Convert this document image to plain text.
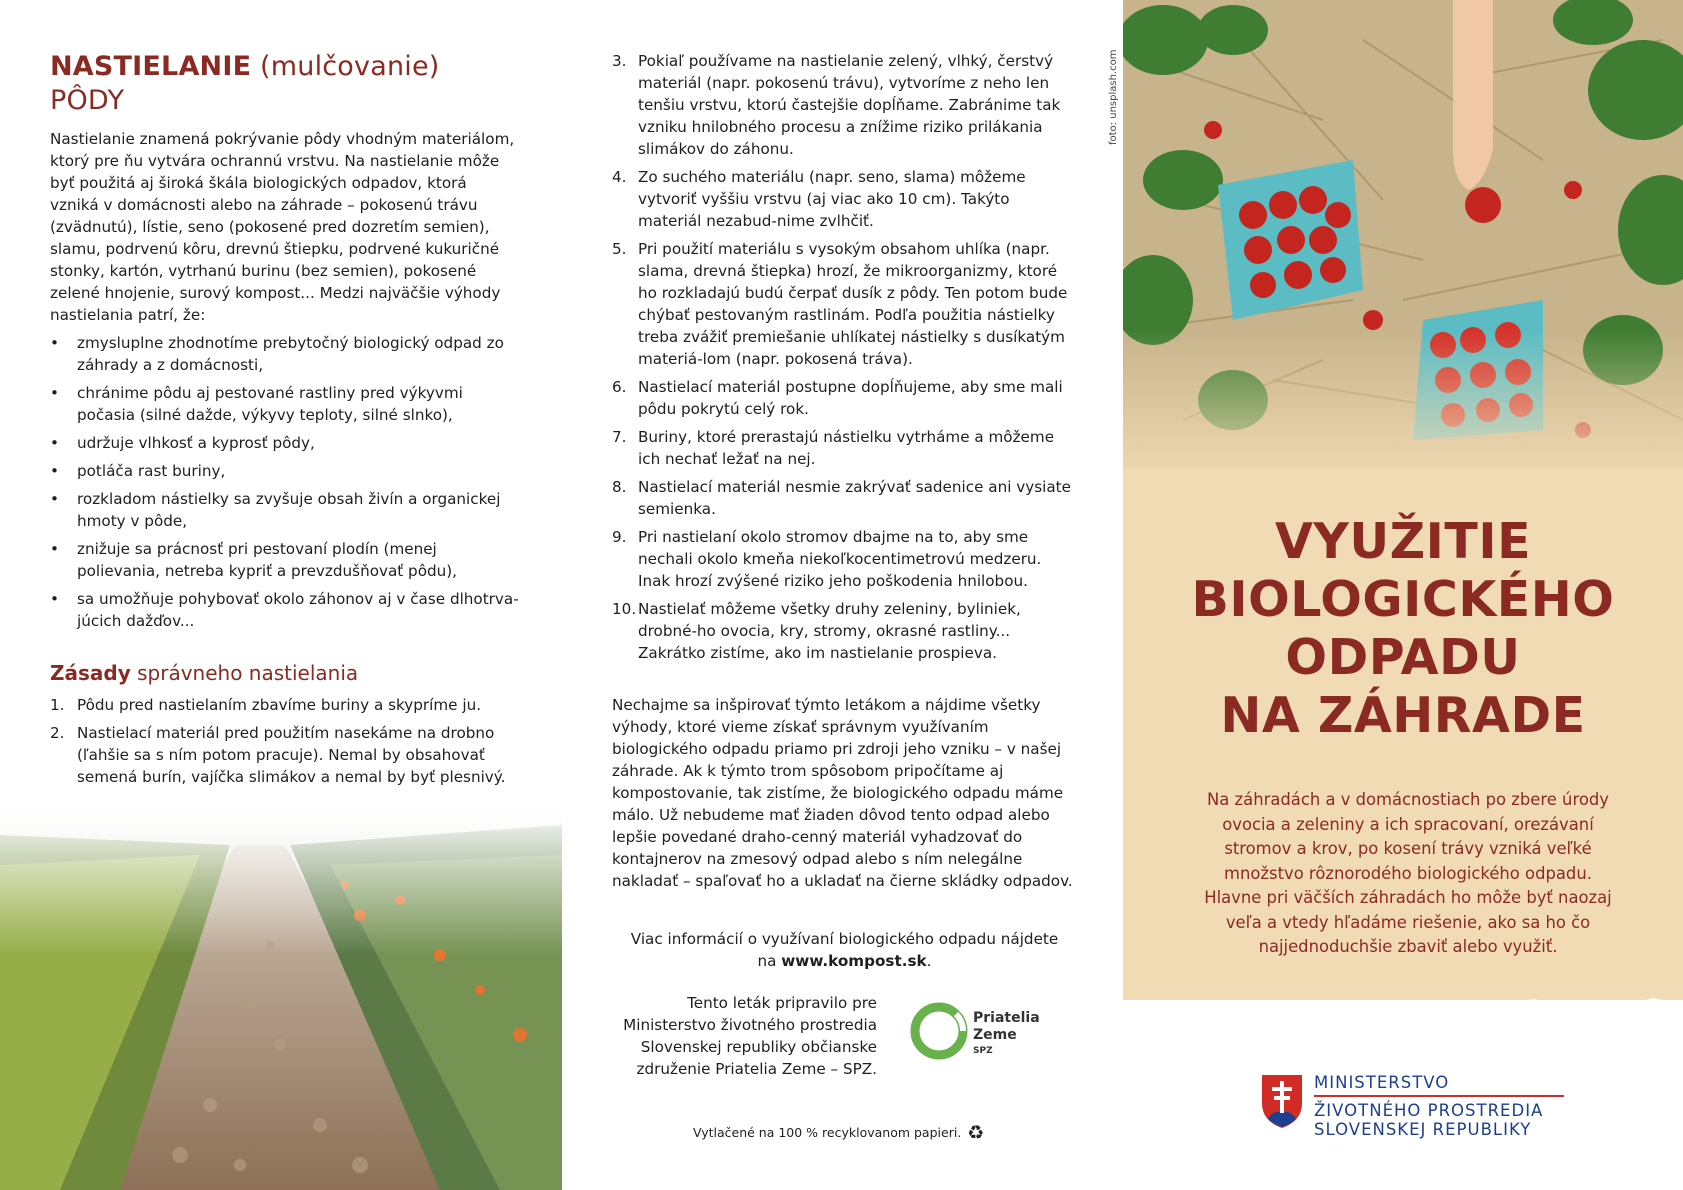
NASTIELANIE (mulčovanie) PÔDY

Nastielanie znamená pokrývanie pôdy vhodným materiálom, ktorý pre ňu vytvára ochrannú vrstvu. Na nastielanie môže byť použitá aj široká škála biologických odpadov, ktorá vzniká v domácnosti alebo na záhrade – pokosenú trávu (zvädnutú), lístie, seno (pokosené pred dozretím semien), slamu, podrvenú kôru, drevnú štiepku, podrvené kukuričné stonky, kartón, vytrhanú burinu (bez semien), pokosené zelené hnojenie, surový kompost... Medzi najväčšie výhody nastielania patrí, že:

• zmysluplne zhodnotíme prebytočný biologický odpad zo záhrady a z domácnosti,
• chránime pôdu aj pestované rastliny pred výkyvmi počasia (silné dažde, výkyvy teploty, silné slnko),
• udržuje vlhkosť a kyprosť pôdy,
• potláča rast buriny,
• rozkladom nástielky sa zvyšuje obsah živín a organickej hmoty v pôde,
• znižuje sa prácnosť pri pestovaní plodín (menej polievania, netreba kypriť a prevzdušňovať pôdu),
• sa umožňuje pohybovať okolo záhonov aj v čase dlhotrva-júcich dažďov...
Zásady správneho nastielania
1. Pôdu pred nastielaním zbavíme buriny a skypríme ju.
2. Nastielací materiál pred použitím nasekáme na drobno (ľahšie sa s ním potom pracuje). Nemal by obsahovať semená burín, vajíčka slimákov a nemal by byť plesnivý.
3. Pokiaľ používame na nastielanie zelený, vlhký, čerstvý materiál (napr. pokosenú trávu), vytvoríme z neho len tenšiu vrstvu, ktorú častejšie dopĺňame. Zabránime tak vzniku hnilobného procesu a znížime riziko prilákania slimákov do záhonu.
4. Zo suchého materiálu (napr. seno, slama) môžeme vytvoriť vyššiu vrstvu (aj viac ako 10 cm). Takýto materiál nezabud-nime zvlhčiť.
5. Pri použití materiálu s vysokým obsahom uhlíka (napr. slama, drevná štiepka) hrozí, že mikroorganizmy, ktoré ho rozkladajú budú čerpať dusík z pôdy. Ten potom bude chýbať pestovaným rastlinám. Podľa použitia nástielky treba zvážiť premiešanie uhlíkatej nástielky s dusíkatým materiá-lom (napr. pokosená tráva).
6. Nastielací materiál postupne dopĺňujeme, aby sme mali pôdu pokrytú celý rok.
7. Buriny, ktoré prerastajú nástielku vytrháme a môžeme ich nechať ležať na nej.
8. Nastielací materiál nesmie zakrývať sadenice ani vysiate semienka.
9. Pri nastielaní okolo stromov dbajme na to, aby sme nechali okolo kmeňa niekoľkocentimetrovú medzeru. Inak hrozí zvýšené riziko jeho poškodenia hnilobou.
10. Nastielať môžeme všetky druhy zeleniny, byliniek, drobné-ho ovocia, kry, stromy, okrasné rastliny... Zakrátko zistíme, ako im nastielanie prospieva.

Nechajme sa inšpirovať týmto letákom a nájdime všetky výhody, ktoré vieme získať správnym využívaním biologického odpadu priamo pri zdroji jeho vzniku – v našej záhrade. Ak k týmto trom spôsobom pripočítame aj kompostovanie, tak zistíme, že biologického odpadu máme málo. Už nebudeme mať žiaden dôvod tento odpad alebo lepšie povedané draho-cenný materiál vyhadzovať do kontajnerov na zmesový odpad alebo s ním nelegálne nakladať – spaľovať ho a ukladať na čierne skládky odpadov.

Viac informácií o využívaní biologického odpadu nájdete
na www.kompost.sk.

Tento leták pripravilo pre Ministerstvo životného prostredia Slovenskej republiky občianske združenie Priatelia Zeme – SPZ.

Priatelia
Zeme
SPZ
Vytlačené na 100 % recyklovanom papieri. ♻
foto: unsplash.com
VYUŽITIE
BIOLOGICKÉHO
ODPADU
NA ZÁHRADE

Na záhradách a v domácnostiach po zbere úrody ovocia a zeleniny a ich spracovaní, orezávaní stromov a krov, po kosení trávy vzniká veľké množstvo rôznorodého biologického odpadu. Hlavne pri väčších záhradách ho môže byť naozaj veľa a vtedy hľadáme riešenie, ako sa ho čo najjednoduchšie zbaviť alebo využiť.

MINISTERSTVO
ŽIVOTNÉHO PROSTREDIA
SLOVENSKEJ REPUBLIKY
